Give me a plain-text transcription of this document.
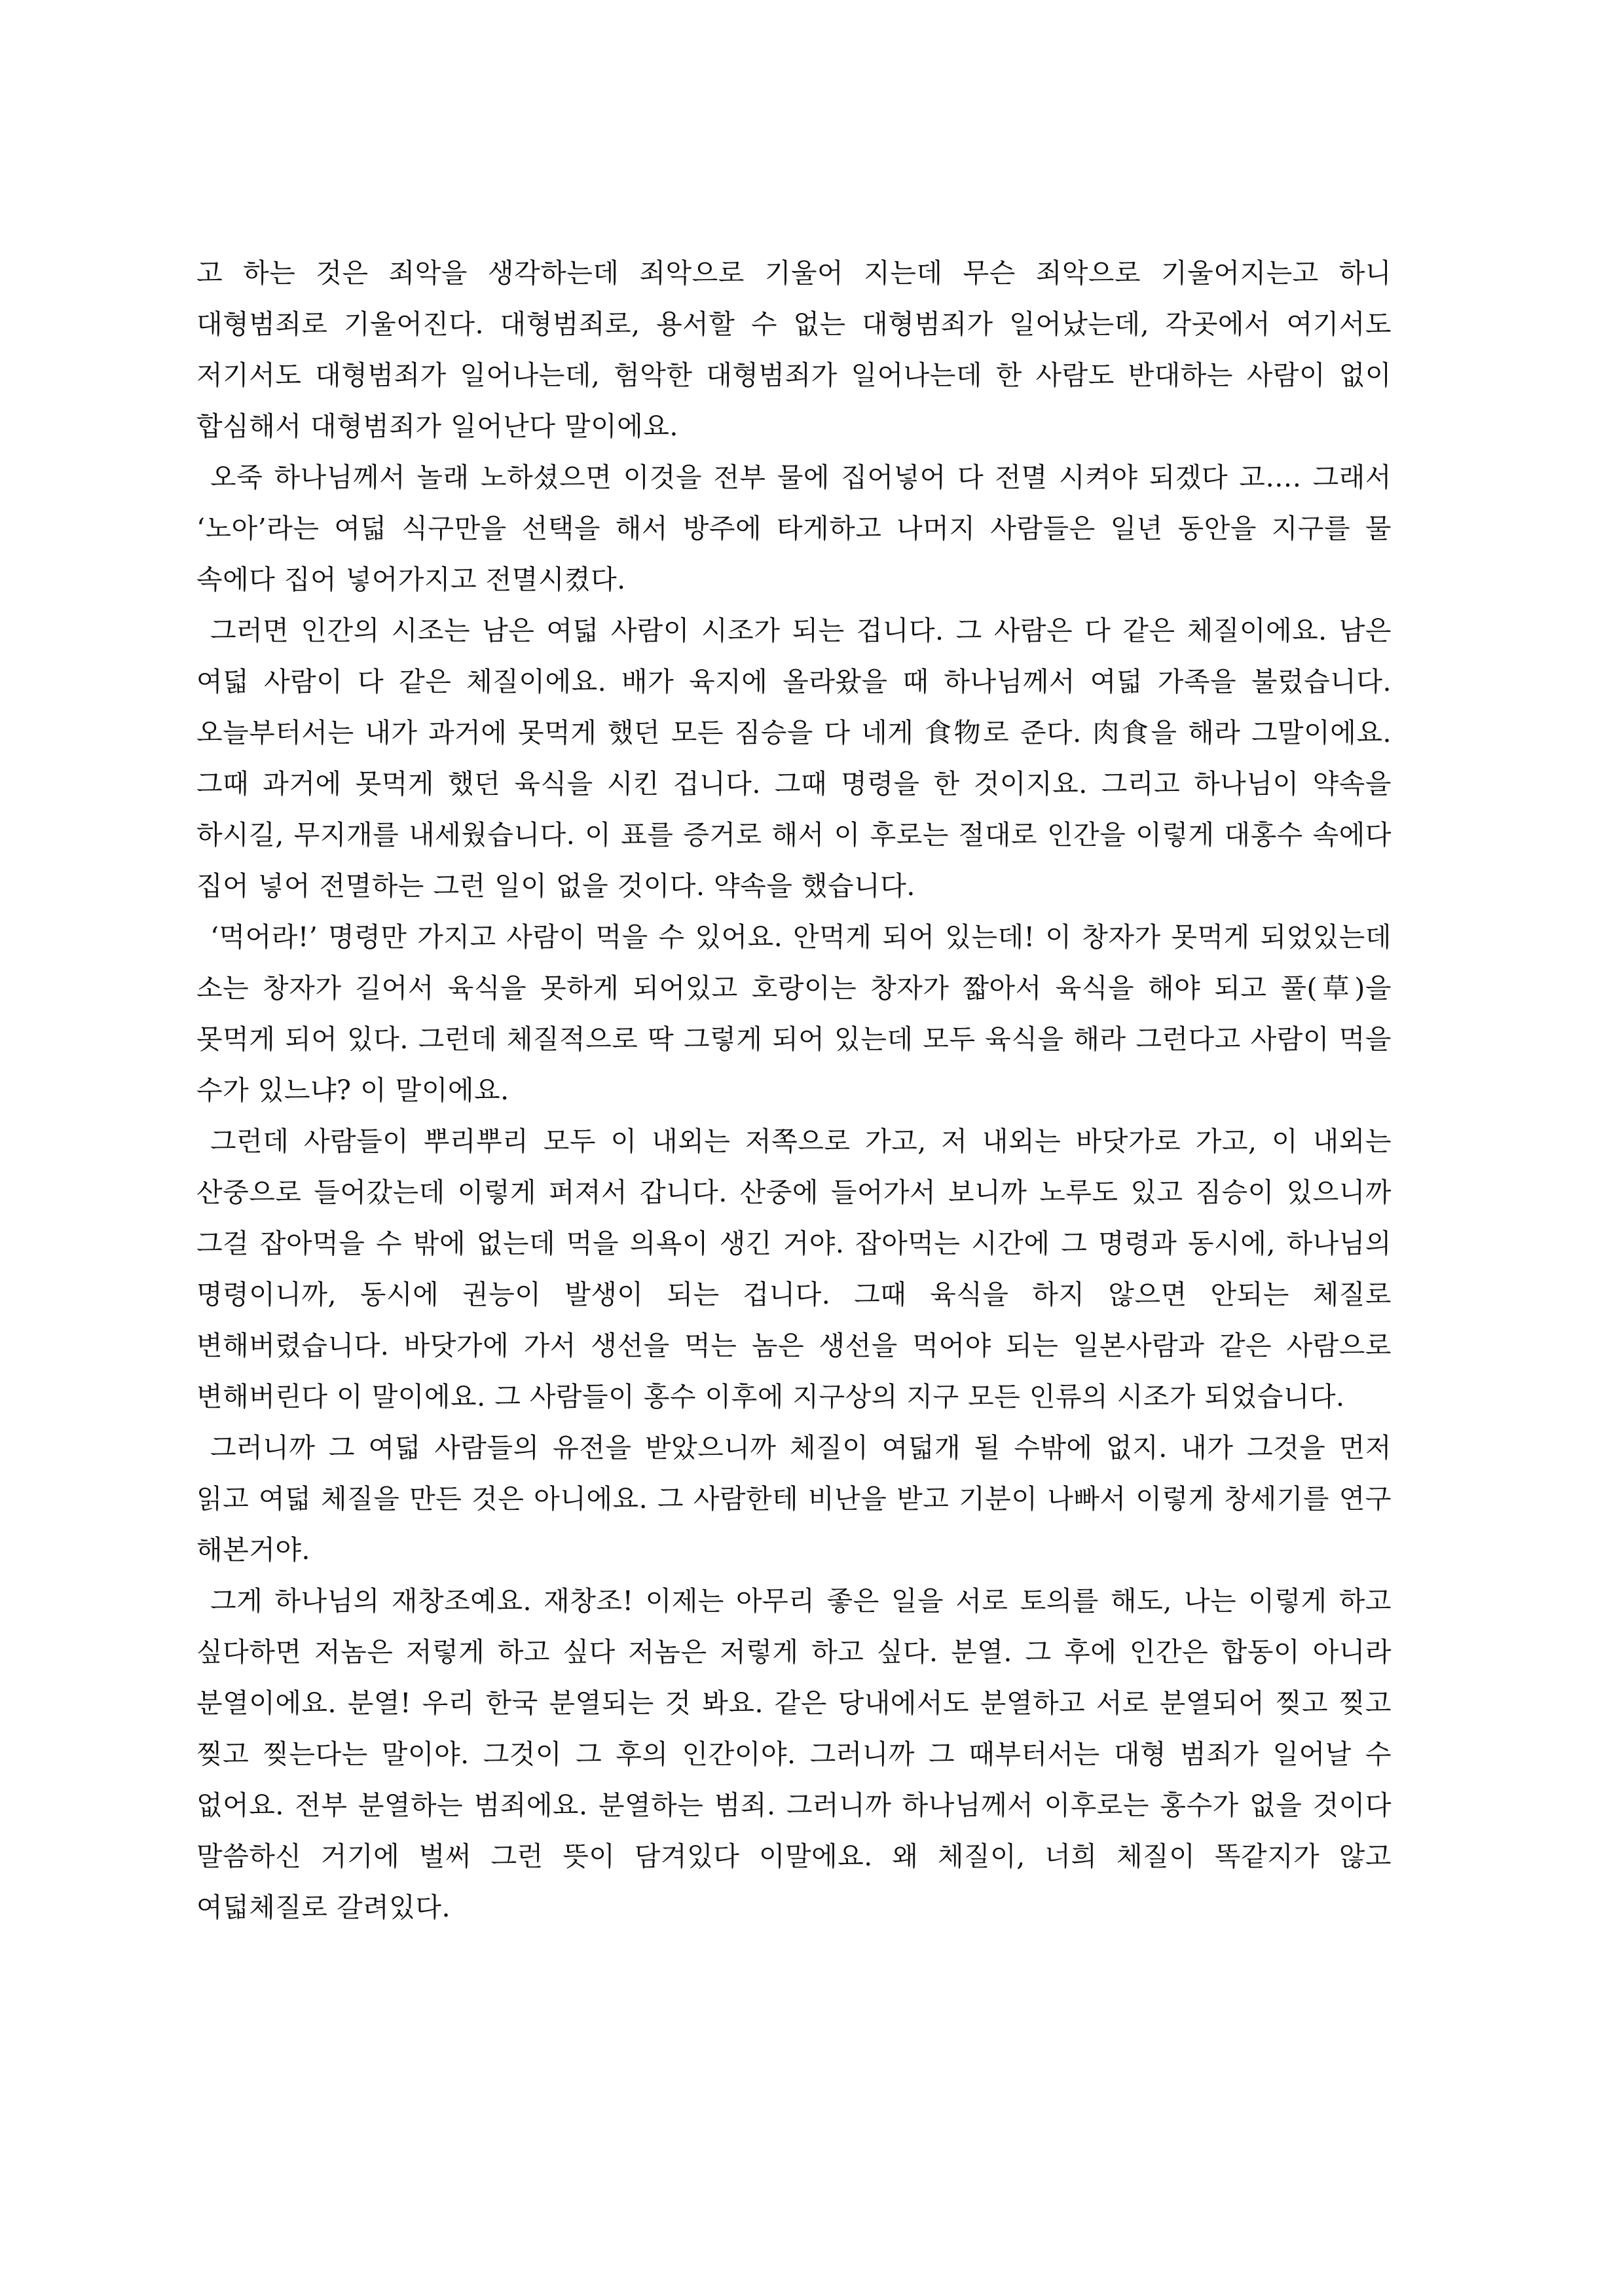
고 하는 것은 죄악을 생각하는데 죄악으로 기울어 지는데 무슨 죄악으로 기울어지는고 하니 대형범죄로 기울어진다. 대형범죄로, 용서할 수 없는 대형범죄가 일어났는데, 각곳에서 여기서도 저기서도 대형범죄가 일어나는데, 험악한 대형범죄가 일어나는데 한 사람도 반대하는 사람이 없이 합심해서 대형범죄가 일어난다 말이에요.

오죽 하나님께서 놀래 노하셨으면 이것을 전부 물에 집어넣어 다 전멸 시켜야 되겠다 고…. 그래서 ‘노아’라는 여덟 식구만을 선택을 해서 방주에 타게하고 나머지 사람들은 일년 동안을 지구를 물 속에다 집어 넣어가지고 전멸시켰다.

그러면 인간의 시조는 남은 여덟 사람이 시조가 되는 겁니다. 그 사람은 다 같은 체질이에요. 남은 여덟 사람이 다 같은 체질이에요. 배가 육지에 올라왔을 때 하나님께서 여덟 가족을 불렀습니다. 오늘부터서는 내가 과거에 못먹게 했던 모든 짐승을 다 네게 食物로 준다. 肉食을 해라 그말이에요. 그때 과거에 못먹게 했던 육식을 시킨 겁니다. 그때 명령을 한 것이지요. 그리고 하나님이 약속을 하시길, 무지개를 내세웠습니다. 이 표를 증거로 해서 이 후로는 절대로 인간을 이렇게 대홍수 속에다 집어 넣어 전멸하는 그런 일이 없을 것이다. 약속을 했습니다.

‘먹어라!’ 명령만 가지고 사람이 먹을 수 있어요. 안먹게 되어 있는데! 이 창자가 못먹게 되었있는데 소는 창자가 길어서 육식을 못하게 되어있고 호랑이는 창자가 짧아서 육식을 해야 되고 풀(草)을 못먹게 되어 있다. 그런데 체질적으로 딱 그렇게 되어 있는데 모두 육식을 해라 그런다고 사람이 먹을 수가 있느냐? 이 말이에요.

그런데 사람들이 뿌리뿌리 모두 이 내외는 저쪽으로 가고, 저 내외는 바닷가로 가고, 이 내외는 산중으로 들어갔는데 이렇게 퍼져서 갑니다. 산중에 들어가서 보니까 노루도 있고 짐승이 있으니까 그걸 잡아먹을 수 밖에 없는데 먹을 의욕이 생긴 거야. 잡아먹는 시간에 그 명령과 동시에, 하나님의 명령이니까, 동시에 권능이 발생이 되는 겁니다. 그때 육식을 하지 않으면 안되는 체질로 변해버렸습니다. 바닷가에 가서 생선을 먹는 놈은 생선을 먹어야 되는 일본사람과 같은 사람으로 변해버린다 이 말이에요. 그 사람들이 홍수 이후에 지구상의 지구 모든 인류의 시조가 되었습니다.

그러니까 그 여덟 사람들의 유전을 받았으니까 체질이 여덟개 될 수밖에 없지. 내가 그것을 먼저 읽고 여덟 체질을 만든 것은 아니에요. 그 사람한테 비난을 받고 기분이 나빠서 이렇게 창세기를 연구 해본거야.

그게 하나님의 재창조예요. 재창조! 이제는 아무리 좋은 일을 서로 토의를 해도, 나는 이렇게 하고 싶다하면 저놈은 저렇게 하고 싶다 저놈은 저렇게 하고 싶다. 분열. 그 후에 인간은 합동이 아니라 분열이에요. 분열! 우리 한국 분열되는 것 봐요. 같은 당내에서도 분열하고 서로 분열되어 찢고 찢고 찢고 찢는다는 말이야. 그것이 그 후의 인간이야. 그러니까 그 때부터서는 대형 범죄가 일어날 수 없어요. 전부 분열하는 범죄에요. 분열하는 범죄. 그러니까 하나님께서 이후로는 홍수가 없을 것이다 말씀하신 거기에 벌써 그런 뜻이 담겨있다 이말에요. 왜 체질이, 너희 체질이 똑같지가 않고 여덟체질로 갈려있다.
